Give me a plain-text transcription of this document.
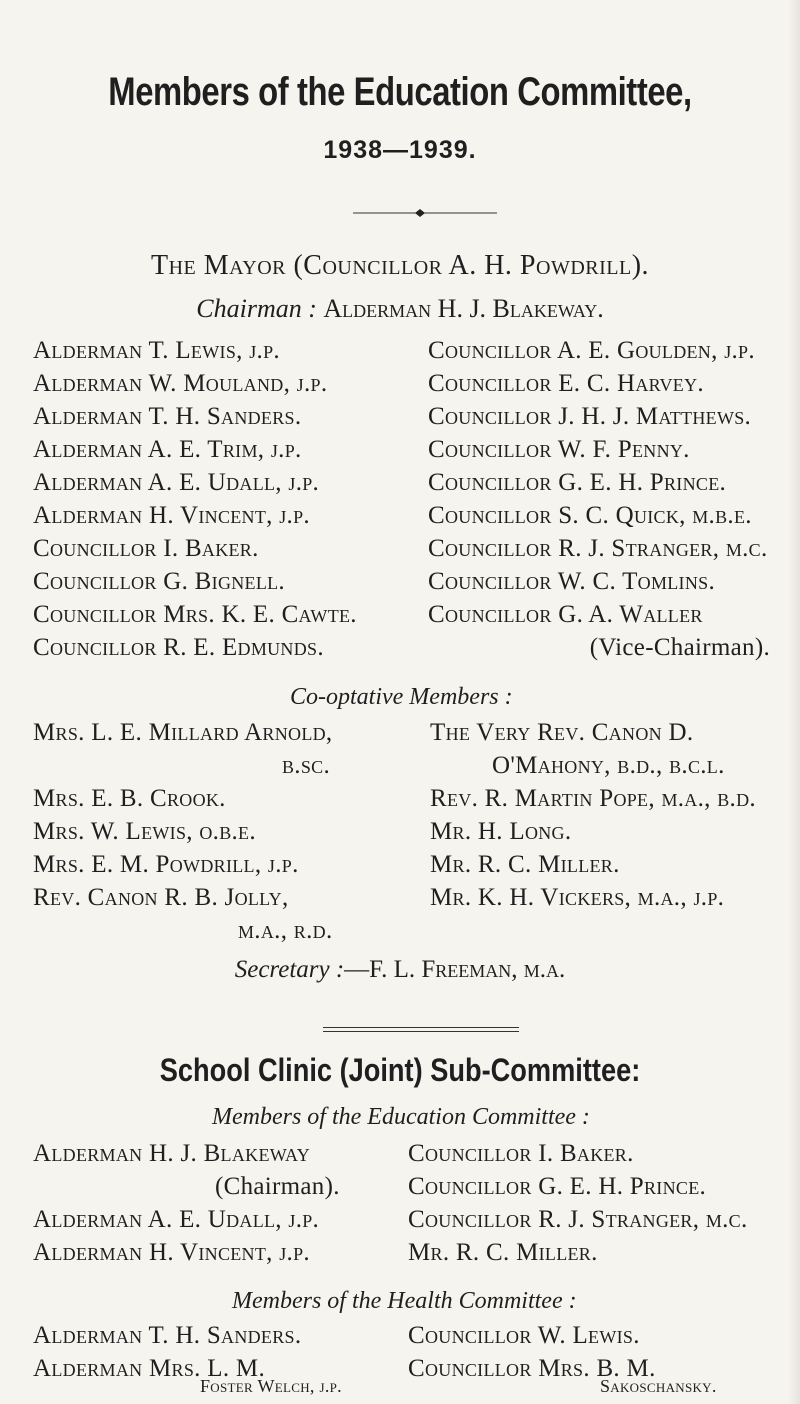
Members of the Education Committee,
1938—1939.
The Mayor (Councillor A. H. Powdrill).
Chairman : Alderman H. J. Blakeway.
Alderman T. Lewis, j.p.
Alderman W. Mouland, j.p.
Alderman T. H. Sanders.
Alderman A. E. Trim, j.p.
Alderman A. E. Udall, j.p.
Alderman H. Vincent, j.p.
Councillor I. Baker.
Councillor G. Bignell.
Councillor Mrs. K. E. Cawte.
Councillor R. E. Edmunds.
Councillor A. E. Goulden, j.p.
Councillor E. C. Harvey.
Councillor J. H. J. Matthews.
Councillor W. F. Penny.
Councillor G. E. H. Prince.
Councillor S. C. Quick, m.b.e.
Councillor R. J. Stranger, m.c.
Councillor W. C. Tomlins.
Councillor G. A. Waller
(Vice-Chairman).
Co-optative Members :
Mrs. L. E. Millard Arnold,
b.sc.
Mrs. E. B. Crook.
Mrs. W. Lewis, o.b.e.
Mrs. E. M. Powdrill, j.p.
Rev. Canon R. B. Jolly,
m.a., r.d.
The Very Rev. Canon D.
O'Mahony, b.d., b.c.l.
Rev. R. Martin Pope, m.a., b.d.
Mr. H. Long.
Mr. R. C. Miller.
Mr. K. H. Vickers, m.a., j.p.
Secretary :—F. L. Freeman, m.a.
School Clinic (Joint) Sub-Committee:
Members of the Education Committee :
Alderman H. J. Blakeway
(Chairman).
Alderman A. E. Udall, j.p.
Alderman H. Vincent, j.p.
Councillor I. Baker.
Councillor G. E. H. Prince.
Councillor R. J. Stranger, m.c.
Mr. R. C. Miller.
Members of the Health Committee :
Alderman T. H. Sanders.
Alderman Mrs. L. M.
Councillor W. Lewis.
Councillor Mrs. B. M.
Foster Welch, j.p.	Sakoschansky.
